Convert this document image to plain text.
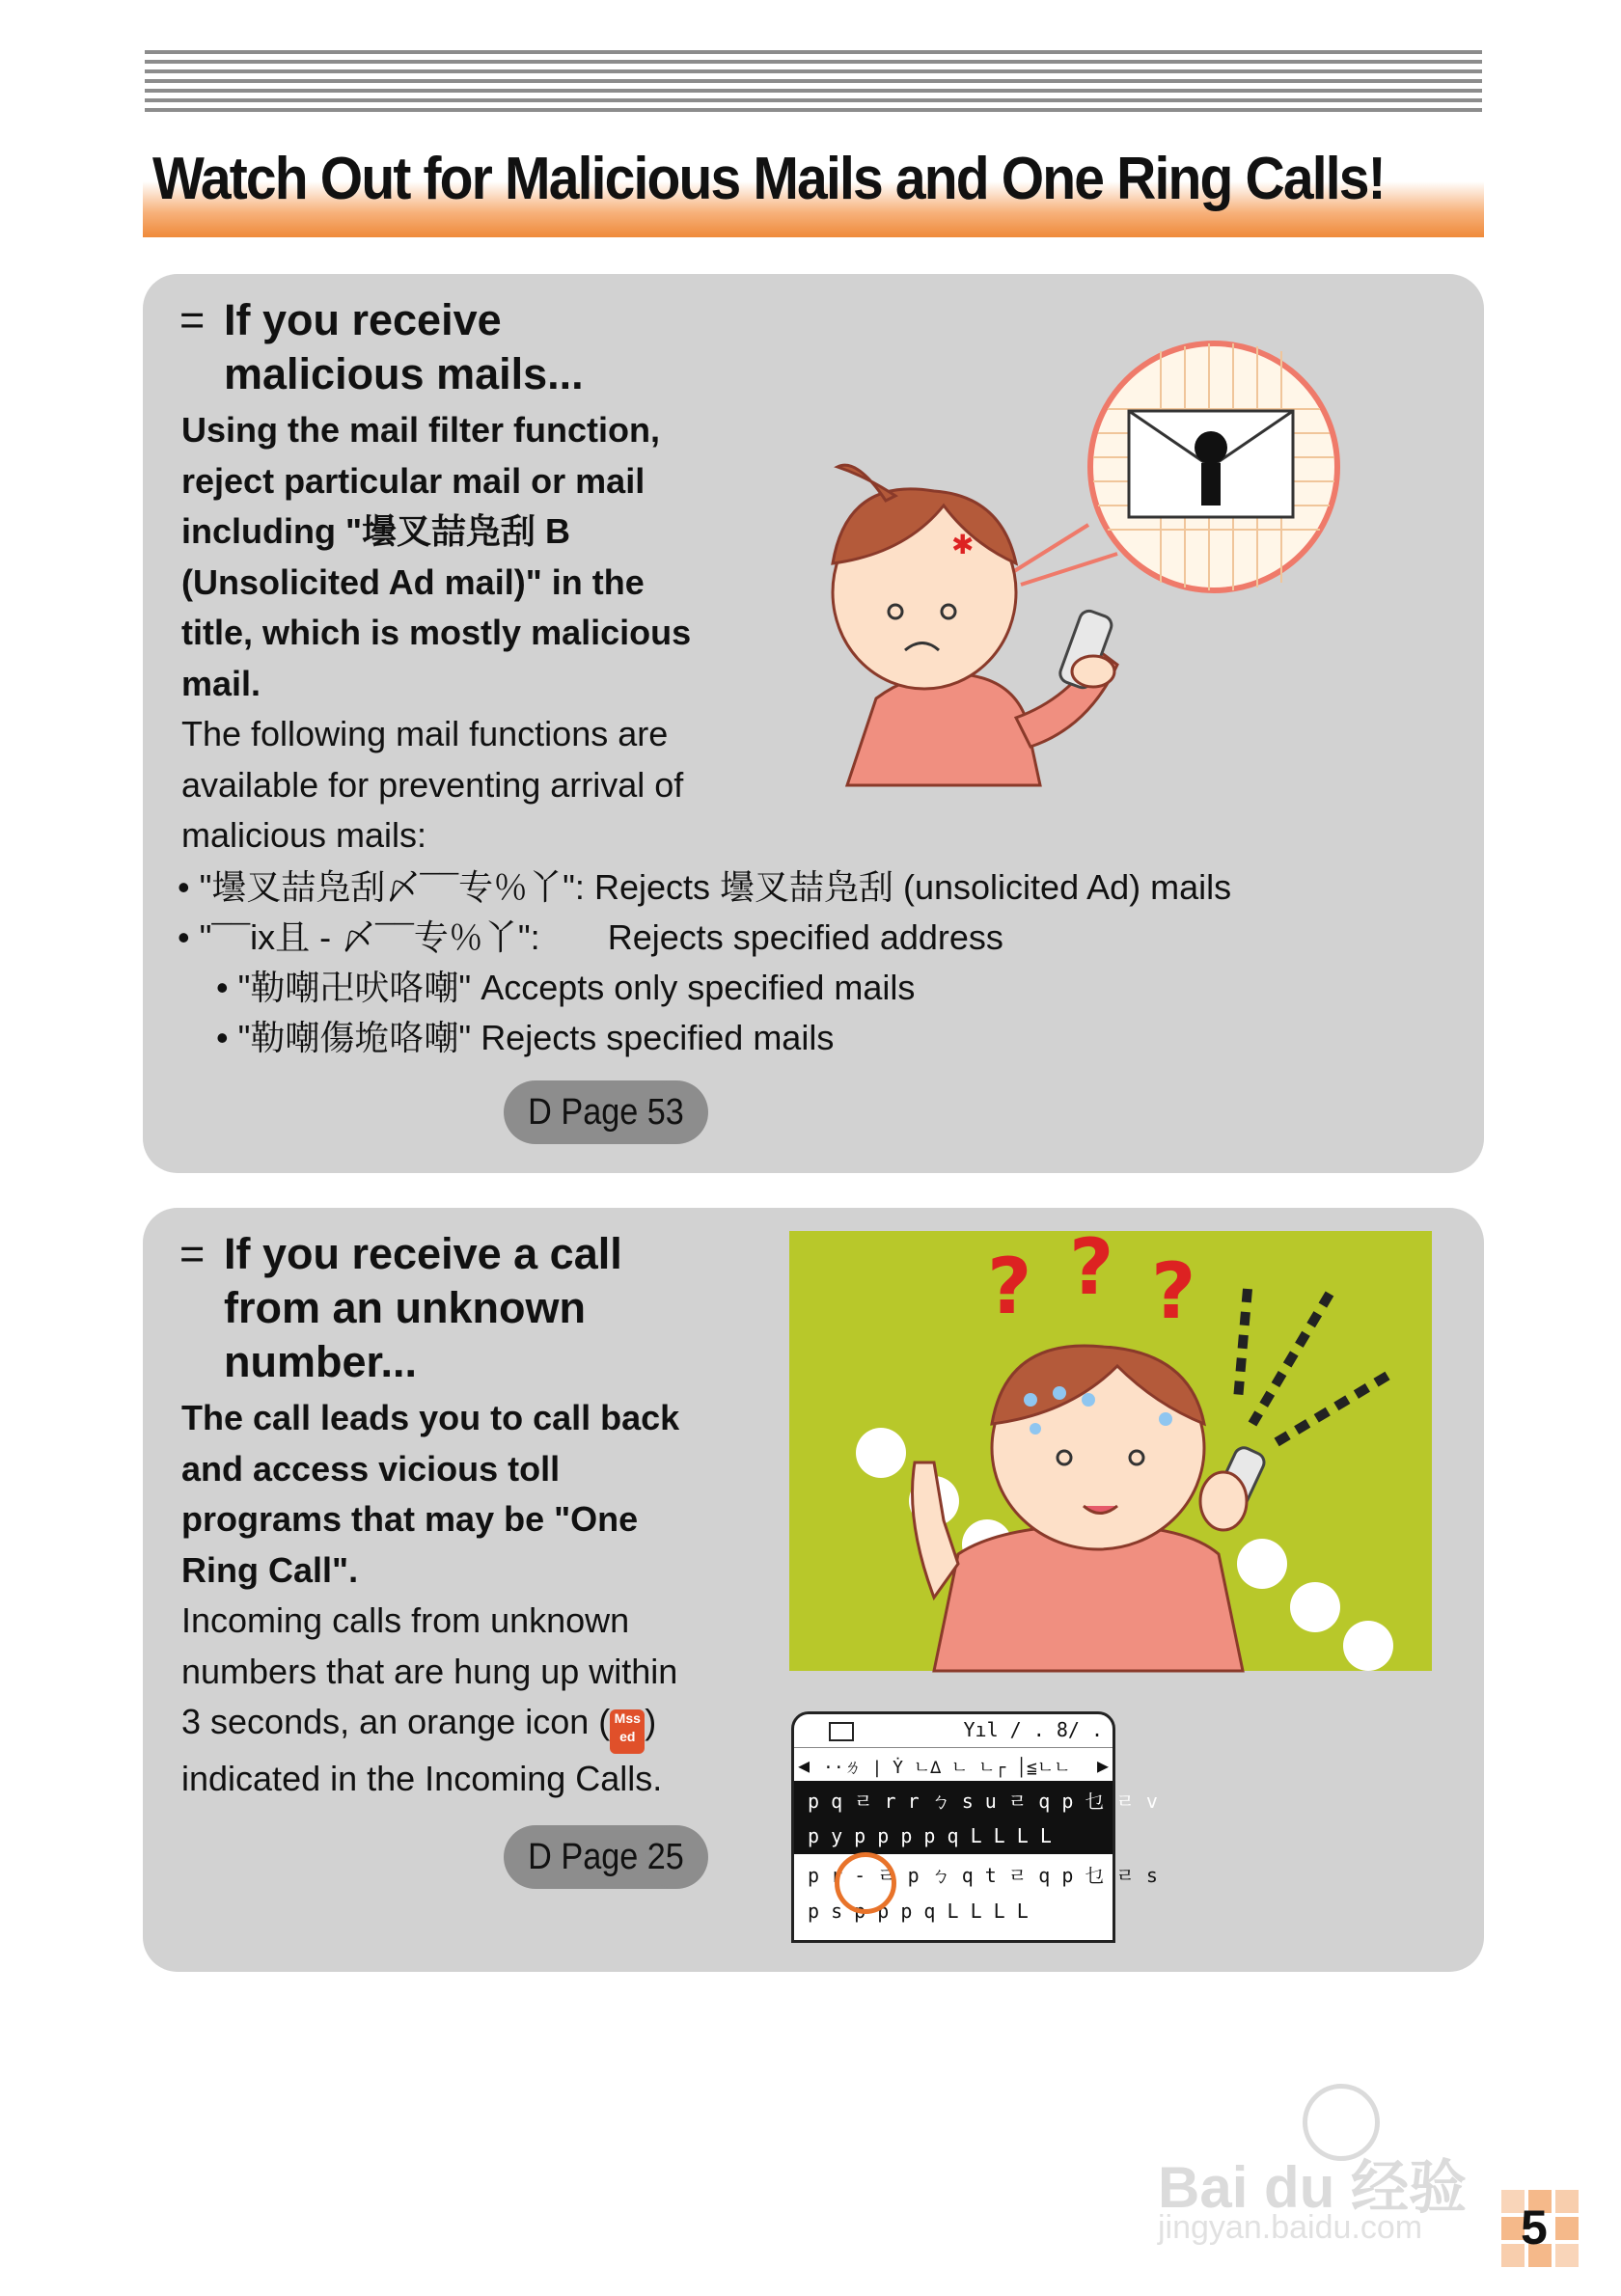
Watch Out for Malicious Mails and One Ring Calls!
= If you receive
malicious mails...
Using the mail filter function,
reject particular mail or mail
including "壜叉喆凫刮 B
(Unsolicited Ad mail)" in the
title, which is mostly malicious
mail.
The following mail functions are
available for preventing arrival of
malicious mails:
• "壜叉喆凫刮〆¯¯专％丫": Rejects 壜叉喆凫刮 (unsolicited Ad) mails
• "¯¯ix且 - 〆¯¯专％丫": Rejects specified address
• "勒嘲卍吠咯嘲" Accepts only specified mails
• "勒嘲傷垝咯嘲" Rejects specified mails
D Page 53
✱
= If you receive a call
from an unknown
number...
The call leads you to call back
and access vicious toll
programs that may be "One
Ring Call".
Incoming calls from unknown
numbers that are hung up within
3 seconds, an orange icon ( Mss ed )
indicated in the Incoming Calls.
D Page 25
? ? ?
Yıl / . 8/ .
◀ ··ㄌ | Ẏ ㄴ∆ ㄴ ㄴ┌ │≦ㄴㄴ ▶
p q ㄹ r r ㄅ s u ㄹ q p 乜 ㄹ v
p y p p p p q L L L L
p r - ㄹ p ㄅ q t ㄹ q p 乜 ㄹ s
p s p p p q L L L L
Bai du 经验
jingyan.baidu.com 5
